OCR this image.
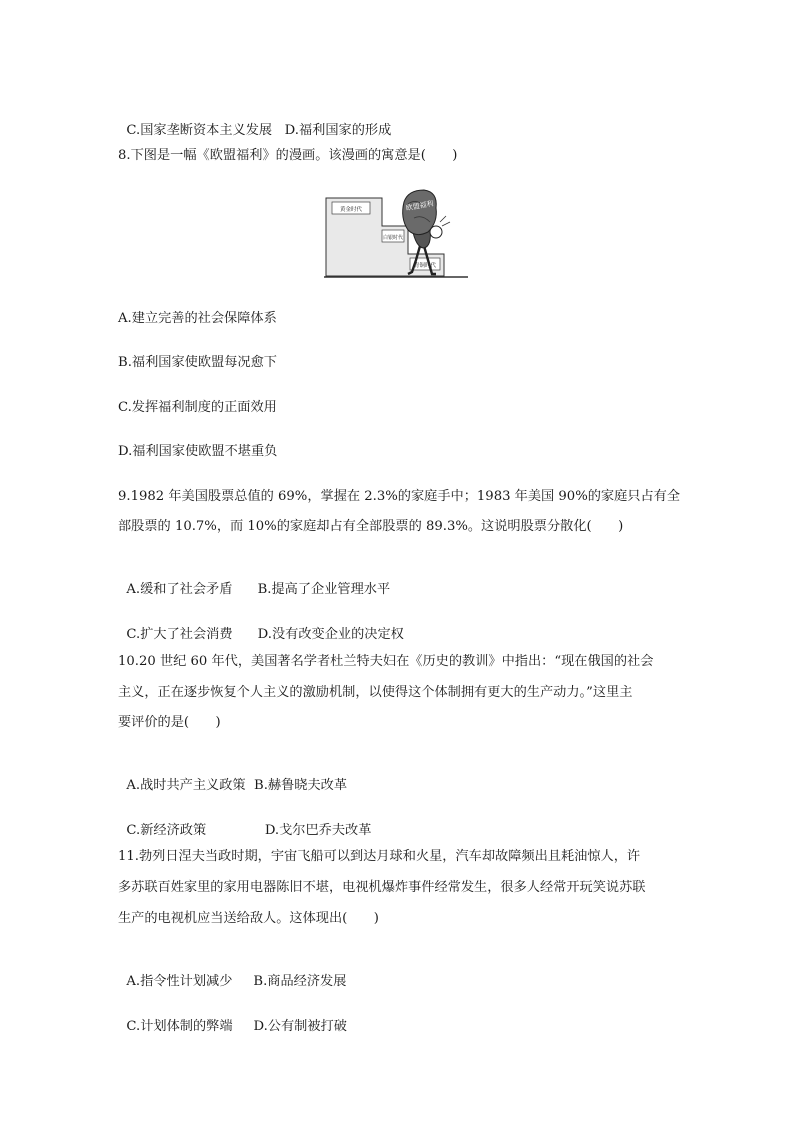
C.国家垄断资本主义发展 D.福利国家的形成

8.下图是一幅《欧盟福利》的漫画。该漫画的寓意是(　　)
黄金时代
白银时代
青铜时代
欧盟福利
A.建立完善的社会保障体系
B.福利国家使欧盟每况愈下
C.发挥福利制度的正面效用
D.福利国家使欧盟不堪重负
9.1982 年美国股票总值的 69%，掌握在 2.3%的家庭手中；1983 年美国 90%的家庭只占有全
部股票的 10.7%，而 10%的家庭却占有全部股票的 89.3%。这说明股票分散化(　　)

A.缓和了社会矛盾 B.提高了企业管理水平

C.扩大了社会消费 D.没有改变企业的决定权

10.20 世纪 60 年代，美国著名学者杜兰特夫妇在《历史的教训》中指出：“现在俄国的社会
主义，正在逐步恢复个人主义的激励机制，以使得这个体制拥有更大的生产动力。”这里主
要评价的是(　　)

A.战时共产主义政策 B.赫鲁晓夫改革

C.新经济政策	D.戈尔巴乔夫改革

11.勃列日涅夫当政时期，宇宙飞船可以到达月球和火星，汽车却故障频出且耗油惊人，许
多苏联百姓家里的家用电器陈旧不堪，电视机爆炸事件经常发生，很多人经常开玩笑说苏联
生产的电视机应当送给敌人。这体现出(　　)

A.指令性计划减少 B.商品经济发展

C.计划体制的弊端 D.公有制被打破
